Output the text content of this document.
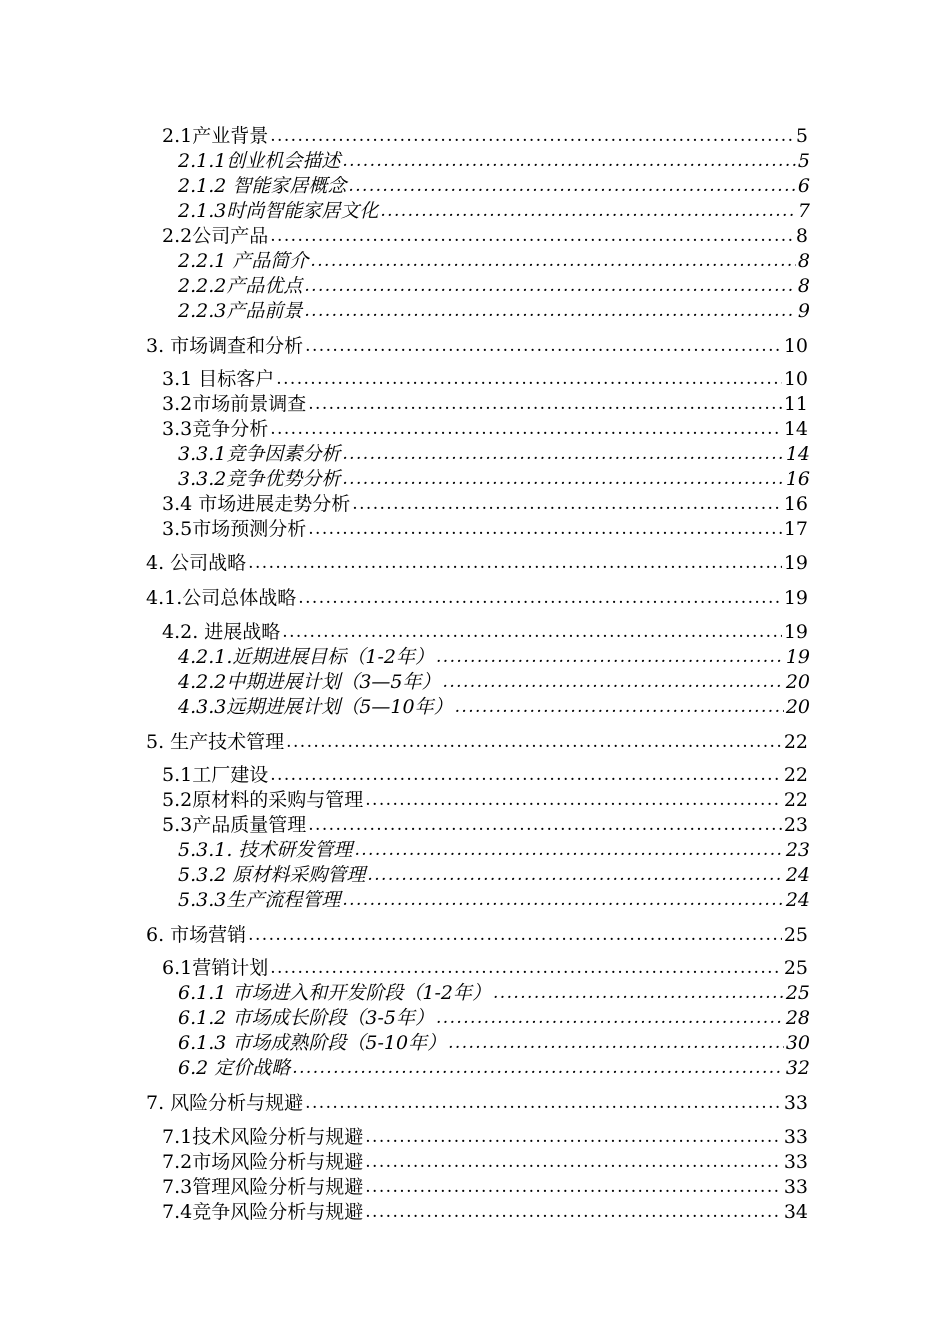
2.1产业背景 . . .	5
2.1.1创业机会描述 . . .	5
2.1.2 智能家居概念 . . .	6
2.1.3时尚智能家居文化 . . .	7
2.2公司产品 . . .	8
2.2.1 产品简介 . . .	8
2.2.2产品优点 . . .	8
2.2.3产品前景 . . .	9
3. 市场调查和分析 . . .	10
3.1 目标客户 . . .	10
3.2市场前景调查 . . .	11
3.3竞争分析 . . .	14
3.3.1竞争因素分析 . . .	14
3.3.2竞争优势分析 . . .	16
3.4 市场进展走势分析 . . .	16
3.5市场预测分析 . . .	17
4. 公司战略 . . .	19
4.1.公司总体战略 . . .	19
4.2. 进展战略 . . .	19
4.2.1.近期进展目标（1-2年） . . .	19
4.2.2中期进展计划（3—5年） . . .	20
4.3.3远期进展计划（5—10年） . . .	20
5. 生产技术管理 . . .	22
5.1工厂建设 . . .	22
5.2原材料的采购与管理 . . .	22
5.3产品质量管理 . . .	23
5.3.1. 技术研发管理 . . .	23
5.3.2 原材料采购管理 . . .	24
5.3.3生产流程管理 . . .	24
6. 市场营销 . . .	25
6.1营销计划 . . .	25
6.1.1 市场进入和开发阶段（1-2年） . . .	25
6.1.2 市场成长阶段（3-5年） . . .	28
6.1.3 市场成熟阶段（5-10年） . . .	30
6.2 定价战略 . . .	32
7. 风险分析与规避 . . .	33
7.1技术风险分析与规避 . . .	33
7.2市场风险分析与规避 . . .	33
7.3管理风险分析与规避 . . .	33
7.4竞争风险分析与规避 . . .	34
